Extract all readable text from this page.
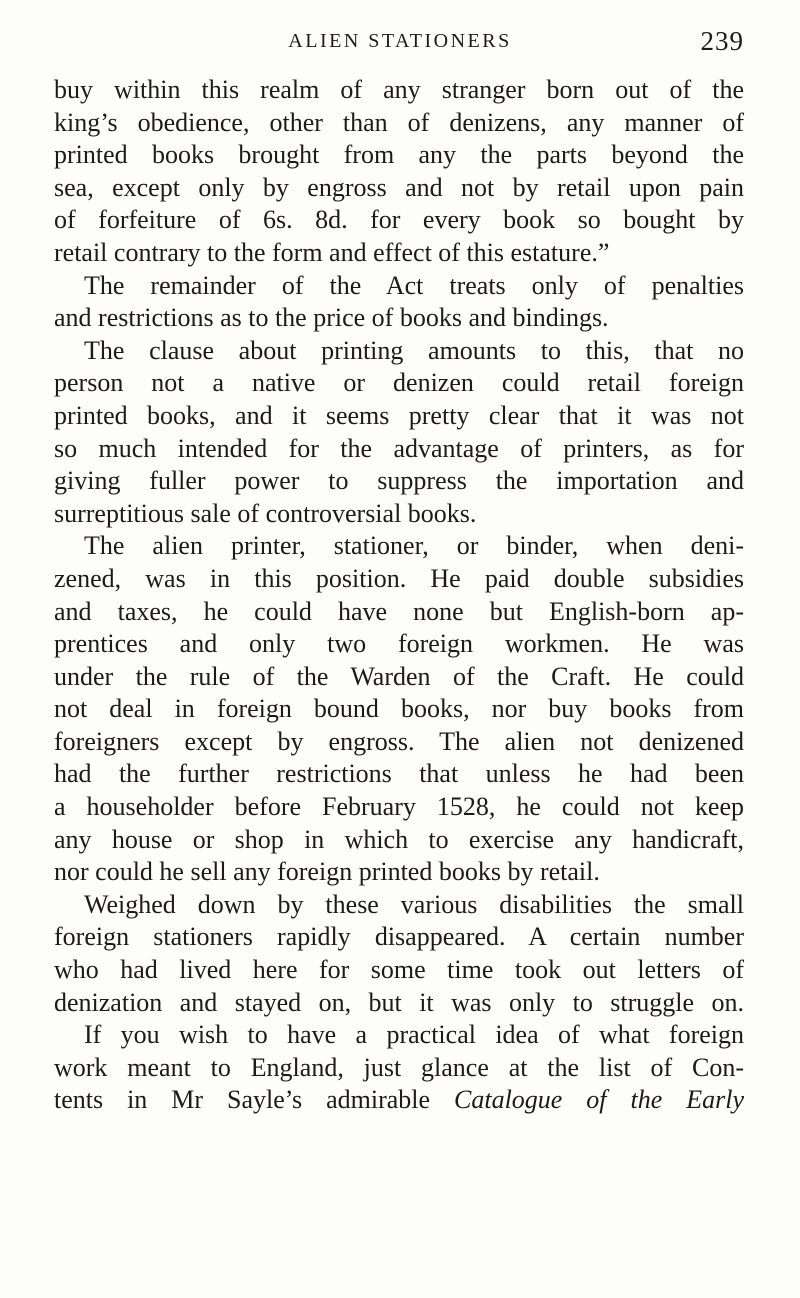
ALIEN STATIONERS	239
buy within this realm of any stranger born out of the
king’s obedience, other than of denizens, any manner of
printed books brought from any the parts beyond the
sea, except only by engross and not by retail upon pain
of forfeiture of 6s. 8d. for every book so bought by
retail contrary to the form and effect of this estature.”
The remainder of the Act treats only of penalties
and restrictions as to the price of books and bindings.
The clause about printing amounts to this, that no
person not a native or denizen could retail foreign
printed books, and it seems pretty clear that it was not
so much intended for the advantage of printers, as for
giving fuller power to suppress the importation and
surreptitious sale of controversial books.
The alien printer, stationer, or binder, when deni-
zened, was in this position. He paid double subsidies
and taxes, he could have none but English-born ap-
prentices and only two foreign workmen. He was
under the rule of the Warden of the Craft. He could
not deal in foreign bound books, nor buy books from
foreigners except by engross. The alien not denizened
had the further restrictions that unless he had been
a householder before February 1528, he could not keep
any house or shop in which to exercise any handicraft,
nor could he sell any foreign printed books by retail.
Weighed down by these various disabilities the small
foreign stationers rapidly disappeared. A certain number
who had lived here for some time took out letters of
denization and stayed on, but it was only to struggle on.
If you wish to have a practical idea of what foreign
work meant to England, just glance at the list of Con-
tents in Mr Sayle’s admirable Catalogue of the Early
